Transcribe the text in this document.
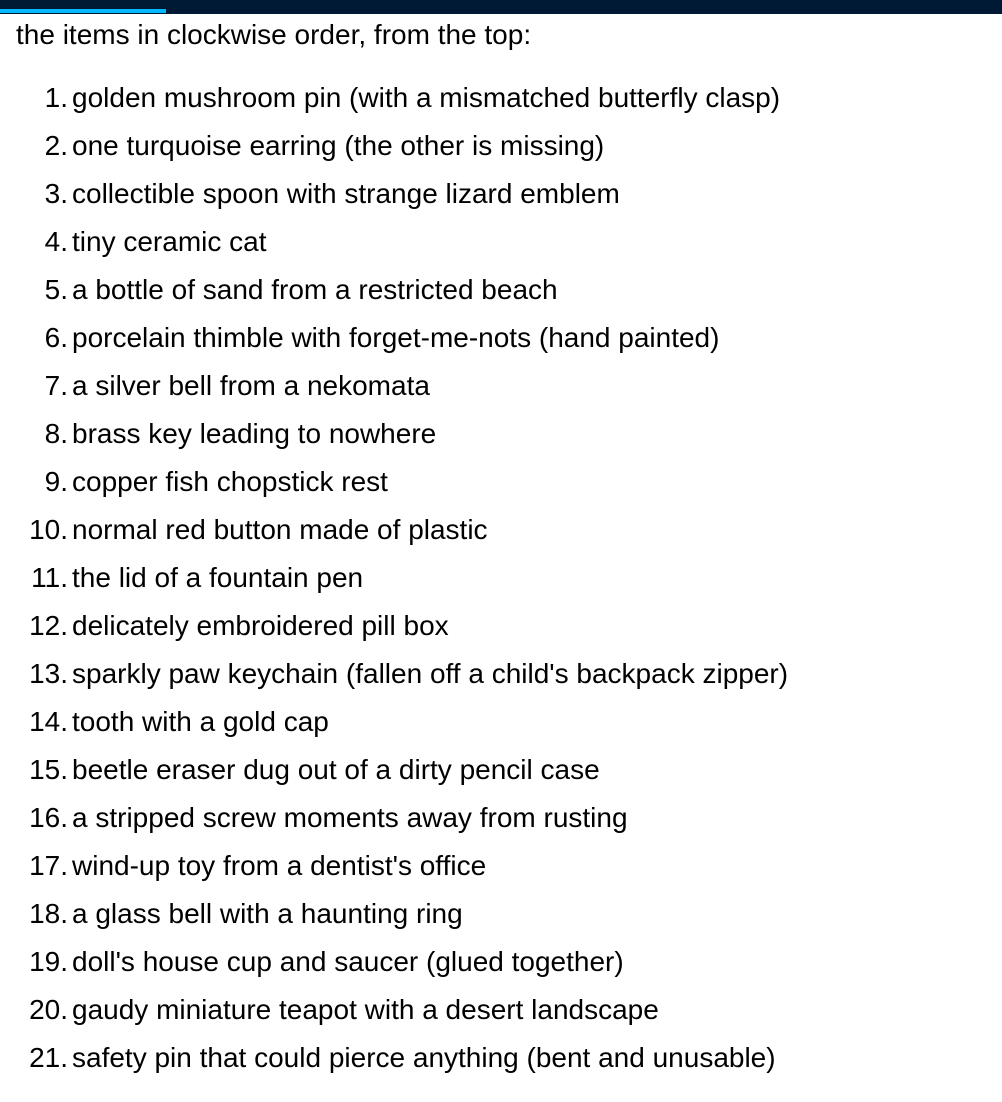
the items in clockwise order, from the top:

1. golden mushroom pin (with a mismatched butterfly clasp)
2. one turquoise earring (the other is missing)
3. collectible spoon with strange lizard emblem
4. tiny ceramic cat
5. a bottle of sand from a restricted beach
6. porcelain thimble with forget-me-nots (hand painted)
7. a silver bell from a nekomata
8. brass key leading to nowhere
9. copper fish chopstick rest
10. normal red button made of plastic
11. the lid of a fountain pen
12. delicately embroidered pill box
13. sparkly paw keychain (fallen off a child's backpack zipper)
14. tooth with a gold cap
15. beetle eraser dug out of a dirty pencil case
16. a stripped screw moments away from rusting
17. wind-up toy from a dentist's office
18. a glass bell with a haunting ring
19. doll's house cup and saucer (glued together)
20. gaudy miniature teapot with a desert landscape
21. safety pin that could pierce anything (bent and unusable)
